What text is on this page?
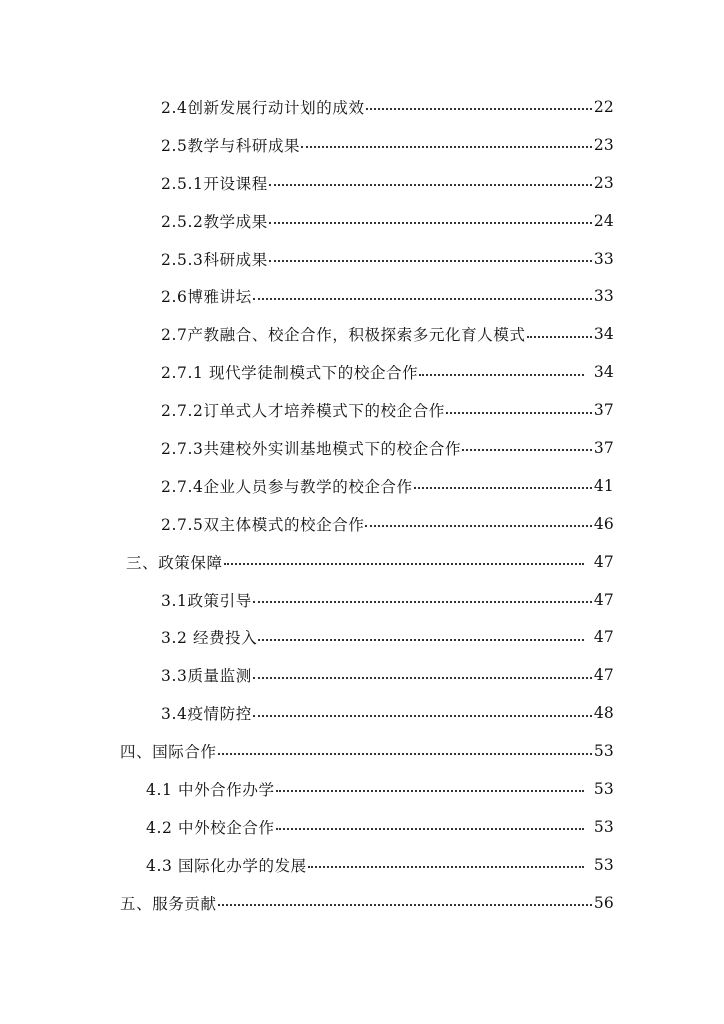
2.4创新发展行动计划的成效	22
2.5教学与科研成果	23
2.5.1开设课程	23
2.5.2教学成果	24
2.5.3科研成果	33
2.6博雅讲坛	33
2.7产教融合、校企合作，积极探索多元化育人模式	34
2.7.1 现代学徒制模式下的校企合作	34
2.7.2订单式人才培养模式下的校企合作	37
2.7.3共建校外实训基地模式下的校企合作	37
2.7.4企业人员参与教学的校企合作	41
2.7.5双主体模式的校企合作	46
三、政策保障	47
3.1政策引导	47
3.2 经费投入	47
3.3质量监测	47
3.4疫情防控	48
四、国际合作	53
4.1 中外合作办学	53
4.2 中外校企合作	53
4.3 国际化办学的发展	53
五、服务贡献	56
